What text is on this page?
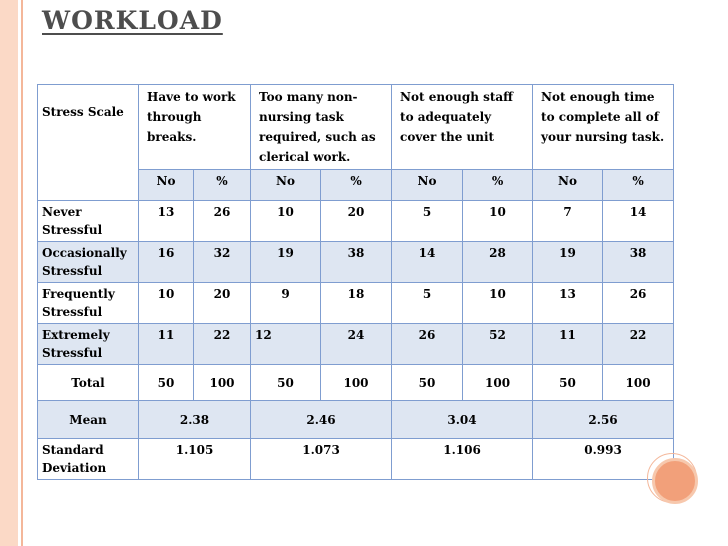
WORKLOAD
Stress Scale	Have to work through breaks.		Too many non-nursing task required, such as clerical work.		Not enough staff to adequately cover the unit		Not enough time to complete all of your nursing task.	
	No	%	No	%	No	%	No	%
Never Stressful	13	26	10	20	5	10	7	14
Occasionally Stressful	16	32	19	38	14	28	19	38
Frequently Stressful	10	20	9	18	5	10	13	26
Extremely Stressful	11	22	12	24	26	52	11	22
Total	50	100	50	100	50	100	50	100
Mean	2.38		2.46		3.04		2.56	
Standard Deviation	1.105		1.073		1.106		0.993	
